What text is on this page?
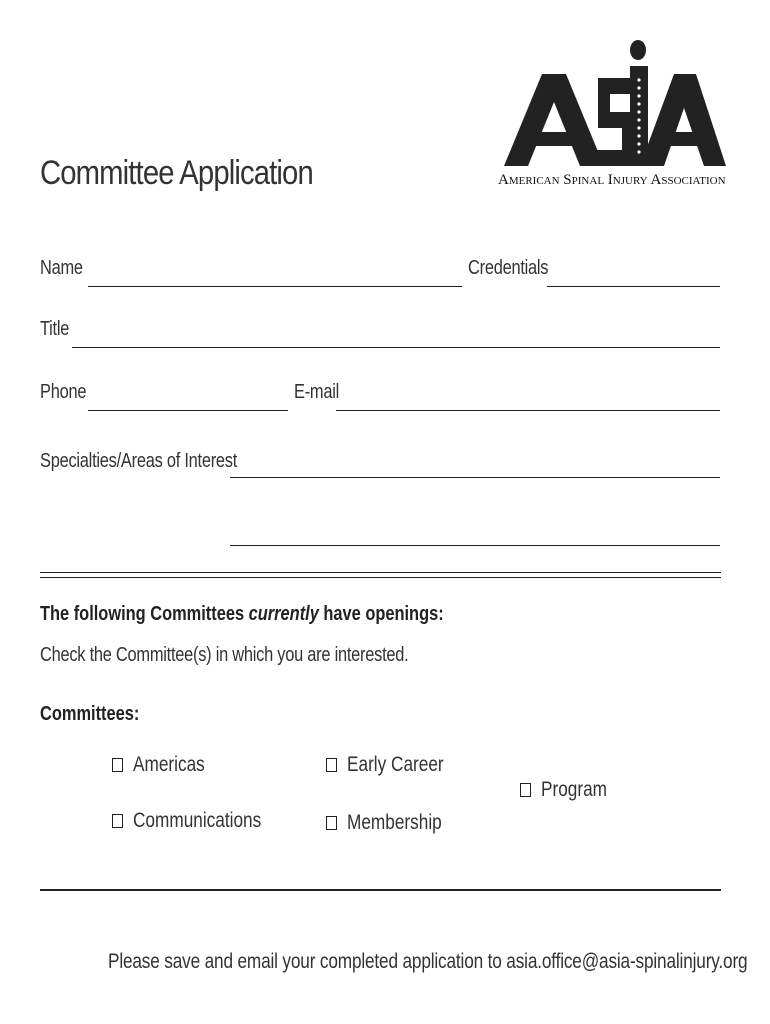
American Spinal Injury Association
Committee Application
Name	Credentials
Title
Phone	E-mail
Specialties/Areas of Interest
The following Committees currently have openings:
Check the Committee(s) in which you are interested.
Committees:
Americas	Early Career
Program
Communications	Membership
Please save and email your completed application to asia.office@asia-spinalinjury.org
